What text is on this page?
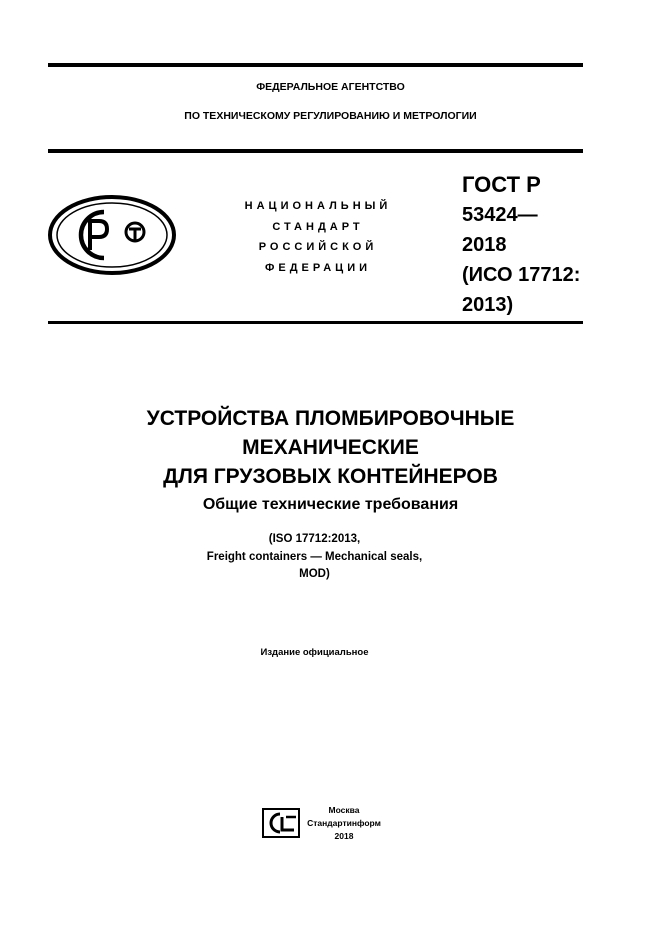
ФЕДЕРАЛЬНОЕ АГЕНТСТВО
ПО ТЕХНИЧЕСКОМУ РЕГУЛИРОВАНИЮ И МЕТРОЛОГИИ
НАЦИОНАЛЬНЫЙ
СТАНДАРТ
РОССИЙСКОЙ
ФЕДЕРАЦИИ
ГОСТ Р
53424—
2018
(ИСО 17712:
2013)
УСТРОЙСТВА ПЛОМБИРОВОЧНЫЕ
МЕХАНИЧЕСКИЕ
ДЛЯ ГРУЗОВЫХ КОНТЕЙНЕРОВ
Общие технические требования
(ISO 17712:2013,
Freight containers — Mechanical seals,
MOD)
Издание официальное
Москва
Стандартинформ
2018
